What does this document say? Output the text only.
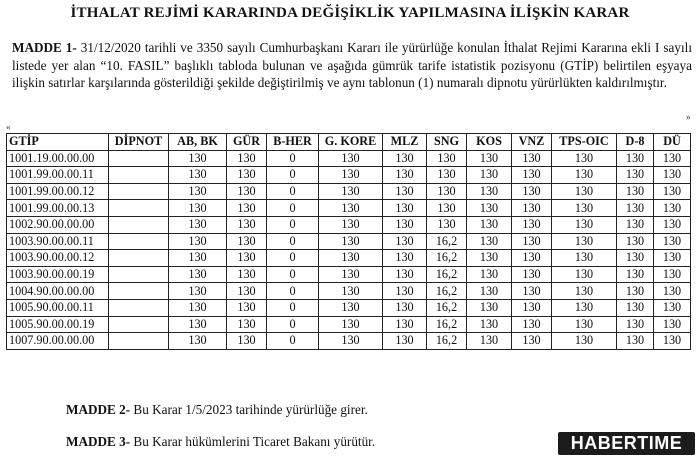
İTHALAT REJİMİ KARARINDA DEĞİŞİKLİK YAPILMASINA İLİŞKİN KARAR
MADDE 1- 31/12/2020 tarihli ve 3350 sayılı Cumhurbaşkanı Kararı ile yürürlüğe konulan İthalat Rejimi Kararına ekli I sayılı listede yer alan “10. FASIL” başlıklı tabloda bulunan ve aşağıda gümrük tarife istatistik pozisyonu (GTİP) belirtilen eşyaya ilişkin satırlar karşılarında gösterildiği şekilde değiştirilmiş ve aynı tablonun (1) numaralı dipnotu yürürlükten kaldırılmıştır.
«
»
GTİP	DİPNOT	AB, BK	GÜR	B-HER	G. KORE	MLZ	SNG	KOS	VNZ	TPS-OIC	D-8	DÜ
1001.19.00.00.00		130	130	0	130	130	130	130	130	130	130	130
1001.99.00.00.11		130	130	0	130	130	130	130	130	130	130	130
1001.99.00.00.12		130	130	0	130	130	130	130	130	130	130	130
1001.99.00.00.13		130	130	0	130	130	130	130	130	130	130	130
1002.90.00.00.00		130	130	0	130	130	130	130	130	130	130	130
1003.90.00.00.11		130	130	0	130	130	16,2	130	130	130	130	130
1003.90.00.00.12		130	130	0	130	130	16,2	130	130	130	130	130
1003.90.00.00.19		130	130	0	130	130	16,2	130	130	130	130	130
1004.90.00.00.00		130	130	0	130	130	16,2	130	130	130	130	130
1005.90.00.00.11		130	130	0	130	130	16,2	130	130	130	130	130
1005.90.00.00.19		130	130	0	130	130	16,2	130	130	130	130	130
1007.90.00.00.00		130	130	0	130	130	16,2	130	130	130	130	130
MADDE 2- Bu Karar 1/5/2023 tarihinde yürürlüğe girer.
MADDE 3- Bu Karar hükümlerini Ticaret Bakanı yürütür.	HABERTIME
